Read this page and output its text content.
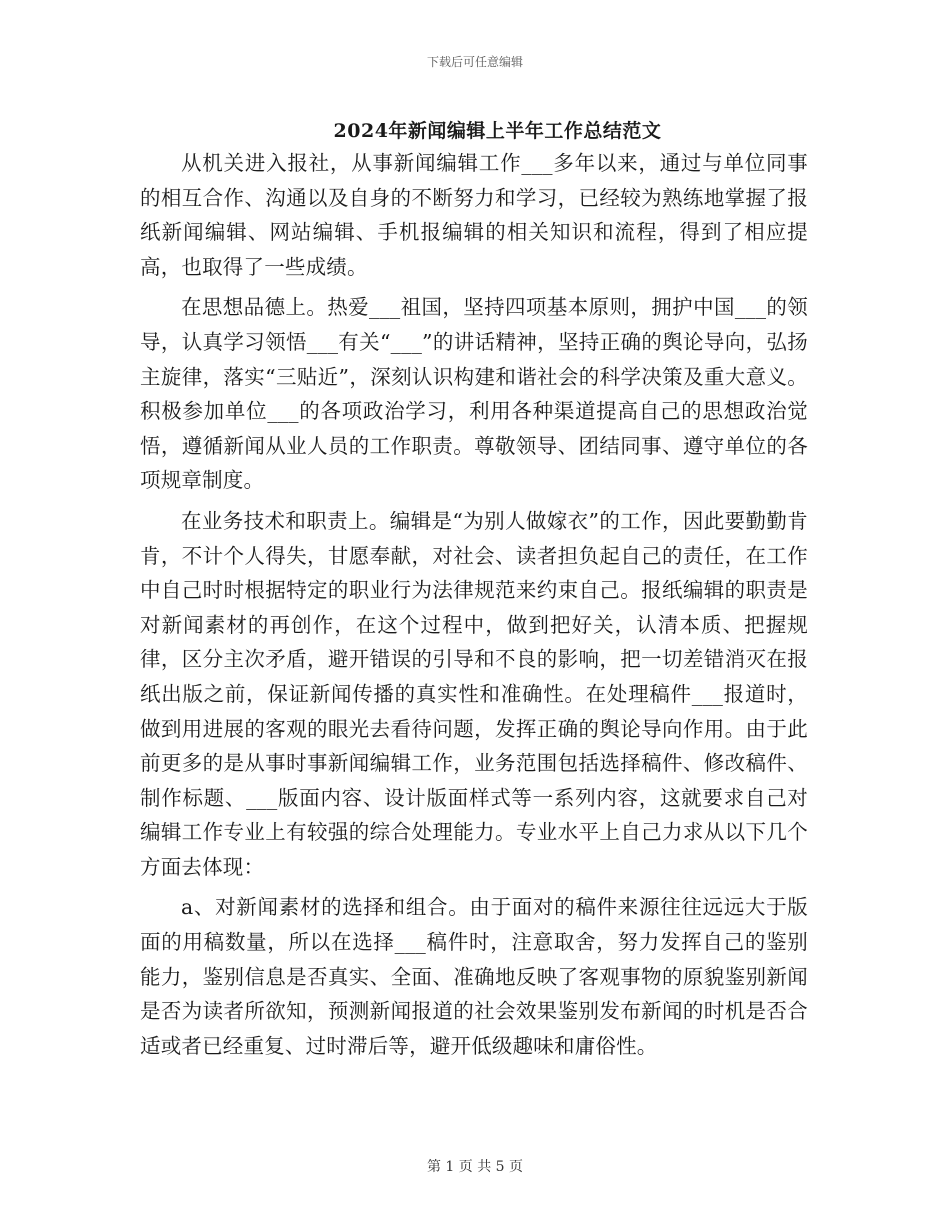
下载后可任意编辑
2024年新闻编辑上半年工作总结范文

从机关进入报社，从事新闻编辑工作___多年以来，通过与单位同事的相互合作、沟通以及自身的不断努力和学习，已经较为熟练地掌握了报纸新闻编辑、网站编辑、手机报编辑的相关知识和流程，得到了相应提高，也取得了一些成绩。

在思想品德上。热爱___祖国，坚持四项基本原则，拥护中国___的领导，认真学习领悟___有关“___”的讲话精神，坚持正确的舆论导向，弘扬主旋律，落实“三贴近”，深刻认识构建和谐社会的科学决策及重大意义。积极参加单位___的各项政治学习，利用各种渠道提高自己的思想政治觉悟，遵循新闻从业人员的工作职责。尊敬领导、团结同事、遵守单位的各项规章制度。

在业务技术和职责上。编辑是“为别人做嫁衣”的工作，因此要勤勤肯肯，不计个人得失，甘愿奉献，对社会、读者担负起自己的责任，在工作中自己时时根据特定的职业行为法律规范来约束自己。报纸编辑的职责是对新闻素材的再创作，在这个过程中，做到把好关，认清本质、把握规律，区分主次矛盾，避开错误的引导和不良的影响，把一切差错消灭在报纸出版之前，保证新闻传播的真实性和准确性。在处理稿件___报道时，做到用进展的客观的眼光去看待问题，发挥正确的舆论导向作用。由于此前更多的是从事时事新闻编辑工作，业务范围包括选择稿件、修改稿件、制作标题、___版面内容、设计版面样式等一系列内容，这就要求自己对编辑工作专业上有较强的综合处理能力。专业水平上自己力求从以下几个方面去体现：

a、对新闻素材的选择和组合。由于面对的稿件来源往往远远大于版面的用稿数量，所以在选择___稿件时，注意取舍，努力发挥自己的鉴别能力，鉴别信息是否真实、全面、准确地反映了客观事物的原貌鉴别新闻是否为读者所欲知，预测新闻报道的社会效果鉴别发布新闻的时机是否合适或者已经重复、过时滞后等，避开低级趣味和庸俗性。

第 1 页 共 5 页
